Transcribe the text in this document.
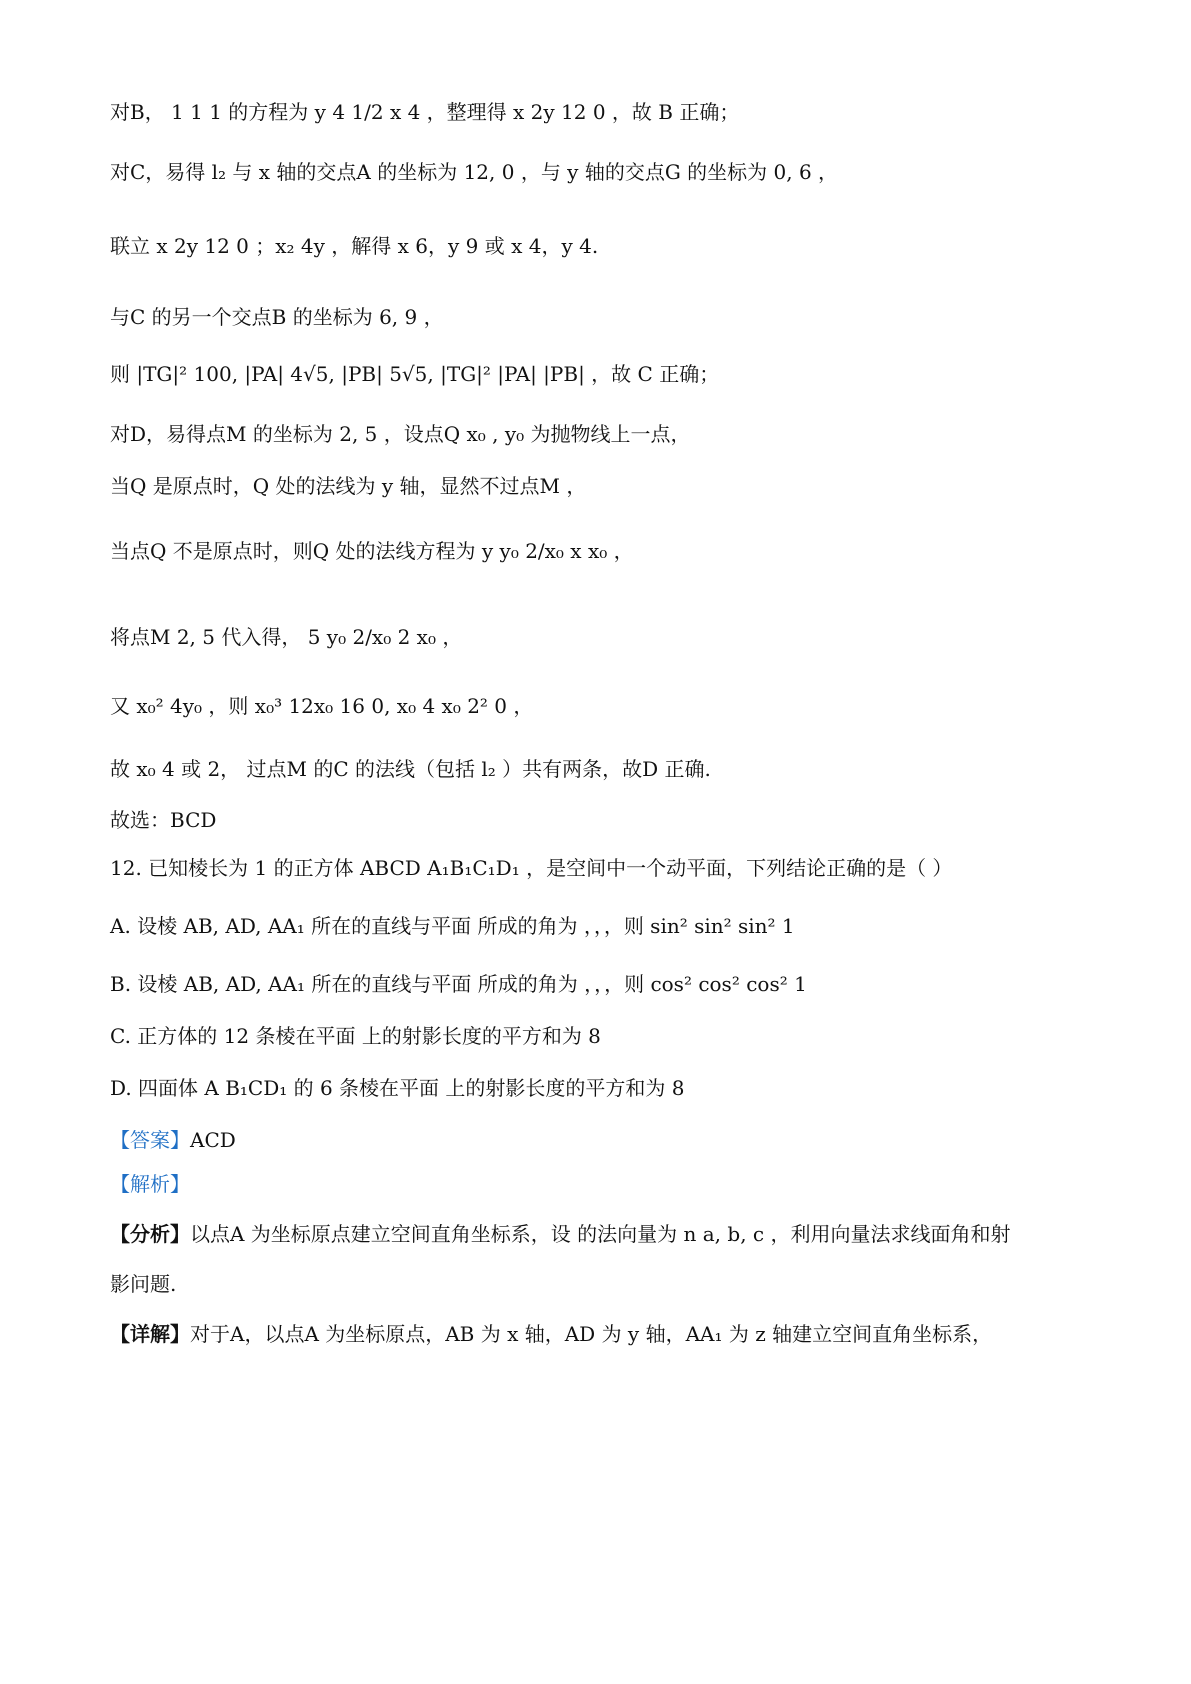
对B， 1 1 1 的方程为 y 4 1/2 x 4 ，整理得 x 2y 12 0 ，故 B 正确；
对C，易得 l₂ 与 x 轴的交点A 的坐标为 12, 0 ，与 y 轴的交点G 的坐标为 0, 6 ，
联立 x 2y 12 0 ；x₂ 4y ，解得 x 6，y 9 或 x 4，y 4.
与C 的另一个交点B 的坐标为 6, 9 ，
则 |TG|² 100, |PA| 4√5, |PB| 5√5, |TG|² |PA| |PB| ，故 C 正确；
对D，易得点M 的坐标为 2, 5 ，设点Q x₀ , y₀ 为抛物线上一点，
当Q 是原点时，Q 处的法线为 y 轴，显然不过点M ，
当点Q 不是原点时，则Q 处的法线方程为 y y₀ 2/x₀ x x₀ ，
将点M 2, 5 代入得， 5 y₀ 2/x₀ 2 x₀ ，
又 x₀² 4y₀ ，则 x₀³ 12x₀ 16 0, x₀ 4 x₀ 2² 0 ，
故 x₀ 4 或 2， 过点M 的C 的法线（包括 l₂ ）共有两条，故D 正确.
故选：BCD
12. 已知棱长为 1 的正方体 ABCD A₁B₁C₁D₁ ，是空间中一个动平面，下列结论正确的是（ ）
A. 设棱 AB, AD, AA₁ 所在的直线与平面 所成的角为 ，，，则 sin² sin² sin² 1
B. 设棱 AB, AD, AA₁ 所在的直线与平面 所成的角为 ，，，则 cos² cos² cos² 1
C. 正方体的 12 条棱在平面 上的射影长度的平方和为 8
D. 四面体 A B₁CD₁ 的 6 条棱在平面 上的射影长度的平方和为 8
【答案】ACD
【解析】
【分析】以点A 为坐标原点建立空间直角坐标系，设 的法向量为 n a, b, c ，利用向量法求线面角和射
影问题.
【详解】对于A，以点A 为坐标原点，AB 为 x 轴，AD 为 y 轴，AA₁ 为 z 轴建立空间直角坐标系，
